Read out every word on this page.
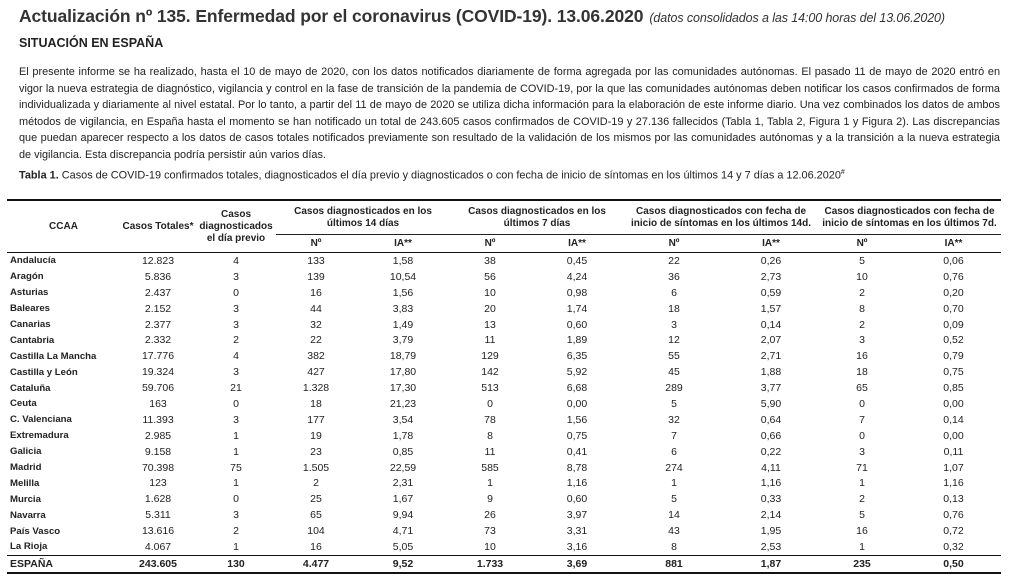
Actualización nº 135. Enfermedad por el coronavirus (COVID-19). 13.06.2020 (datos consolidados a las 14:00 horas del 13.06.2020)
SITUACIÓN EN ESPAÑA

El presente informe se ha realizado, hasta el 10 de mayo de 2020, con los datos notificados diariamente de forma agregada por las comunidades autónomas. El pasado 11 de mayo de 2020 entró en vigor la nueva estrategia de diagnóstico, vigilancia y control en la fase de transición de la pandemia de COVID-19, por la que las comunidades autónomas deben notificar los casos confirmados de forma individualizada y diariamente al nivel estatal. Por lo tanto, a partir del 11 de mayo de 2020 se utiliza dicha información para la elaboración de este informe diario. Una vez combinados los datos de ambos métodos de vigilancia, en España hasta el momento se han notificado un total de 243.605 casos confirmados de COVID-19 y 27.136 fallecidos (Tabla 1, Tabla 2, Figura 1 y Figura 2). Las discrepancias que puedan aparecer respecto a los datos de casos totales notificados previamente son resultado de la validación de los mismos por las comunidades autónomas y a la transición a la nueva estrategia de vigilancia. Esta discrepancia podría persistir aún varios días.

Tabla 1. Casos de COVID-19 confirmados totales, diagnosticados el día previo y diagnosticados o con fecha de inicio de síntomas en los últimos 14 y 7 días a 12.06.2020#

CCAA	Casos Totales*	Casos diagnosticados el día previo	Casos diagnosticados en los últimos 14 días		Casos diagnosticados en los últimos 7 días		Casos diagnosticados con fecha de inicio de síntomas en los últimos 14d.		Casos diagnosticados con fecha de inicio de síntomas en los últimos 7d.	
			Nº	IA**	Nº	IA**	Nº	IA**	Nº	IA**
Andalucía	12.823	4	133	1,58	38	0,45	22	0,26	5	0,06
Aragón	5.836	3	139	10,54	56	4,24	36	2,73	10	0,76
Asturias	2.437	0	16	1,56	10	0,98	6	0,59	2	0,20
Baleares	2.152	3	44	3,83	20	1,74	18	1,57	8	0,70
Canarias	2.377	3	32	1,49	13	0,60	3	0,14	2	0,09
Cantabria	2.332	2	22	3,79	11	1,89	12	2,07	3	0,52
Castilla La Mancha	17.776	4	382	18,79	129	6,35	55	2,71	16	0,79
Castilla y León	19.324	3	427	17,80	142	5,92	45	1,88	18	0,75
Cataluña	59.706	21	1.328	17,30	513	6,68	289	3,77	65	0,85
Ceuta	163	0	18	21,23	0	0,00	5	5,90	0	0,00
C. Valenciana	11.393	3	177	3,54	78	1,56	32	0,64	7	0,14
Extremadura	2.985	1	19	1,78	8	0,75	7	0,66	0	0,00
Galicia	9.158	1	23	0,85	11	0,41	6	0,22	3	0,11
Madrid	70.398	75	1.505	22,59	585	8,78	274	4,11	71	1,07
Melilla	123	1	2	2,31	1	1,16	1	1,16	1	1,16
Murcia	1.628	0	25	1,67	9	0,60	5	0,33	2	0,13
Navarra	5.311	3	65	9,94	26	3,97	14	2,14	5	0,76
País Vasco	13.616	2	104	4,71	73	3,31	43	1,95	16	0,72
La Rioja	4.067	1	16	5,05	10	3,16	8	2,53	1	0,32
ESPAÑA	243.605	130	4.477	9,52	1.733	3,69	881	1,87	235	0,50
